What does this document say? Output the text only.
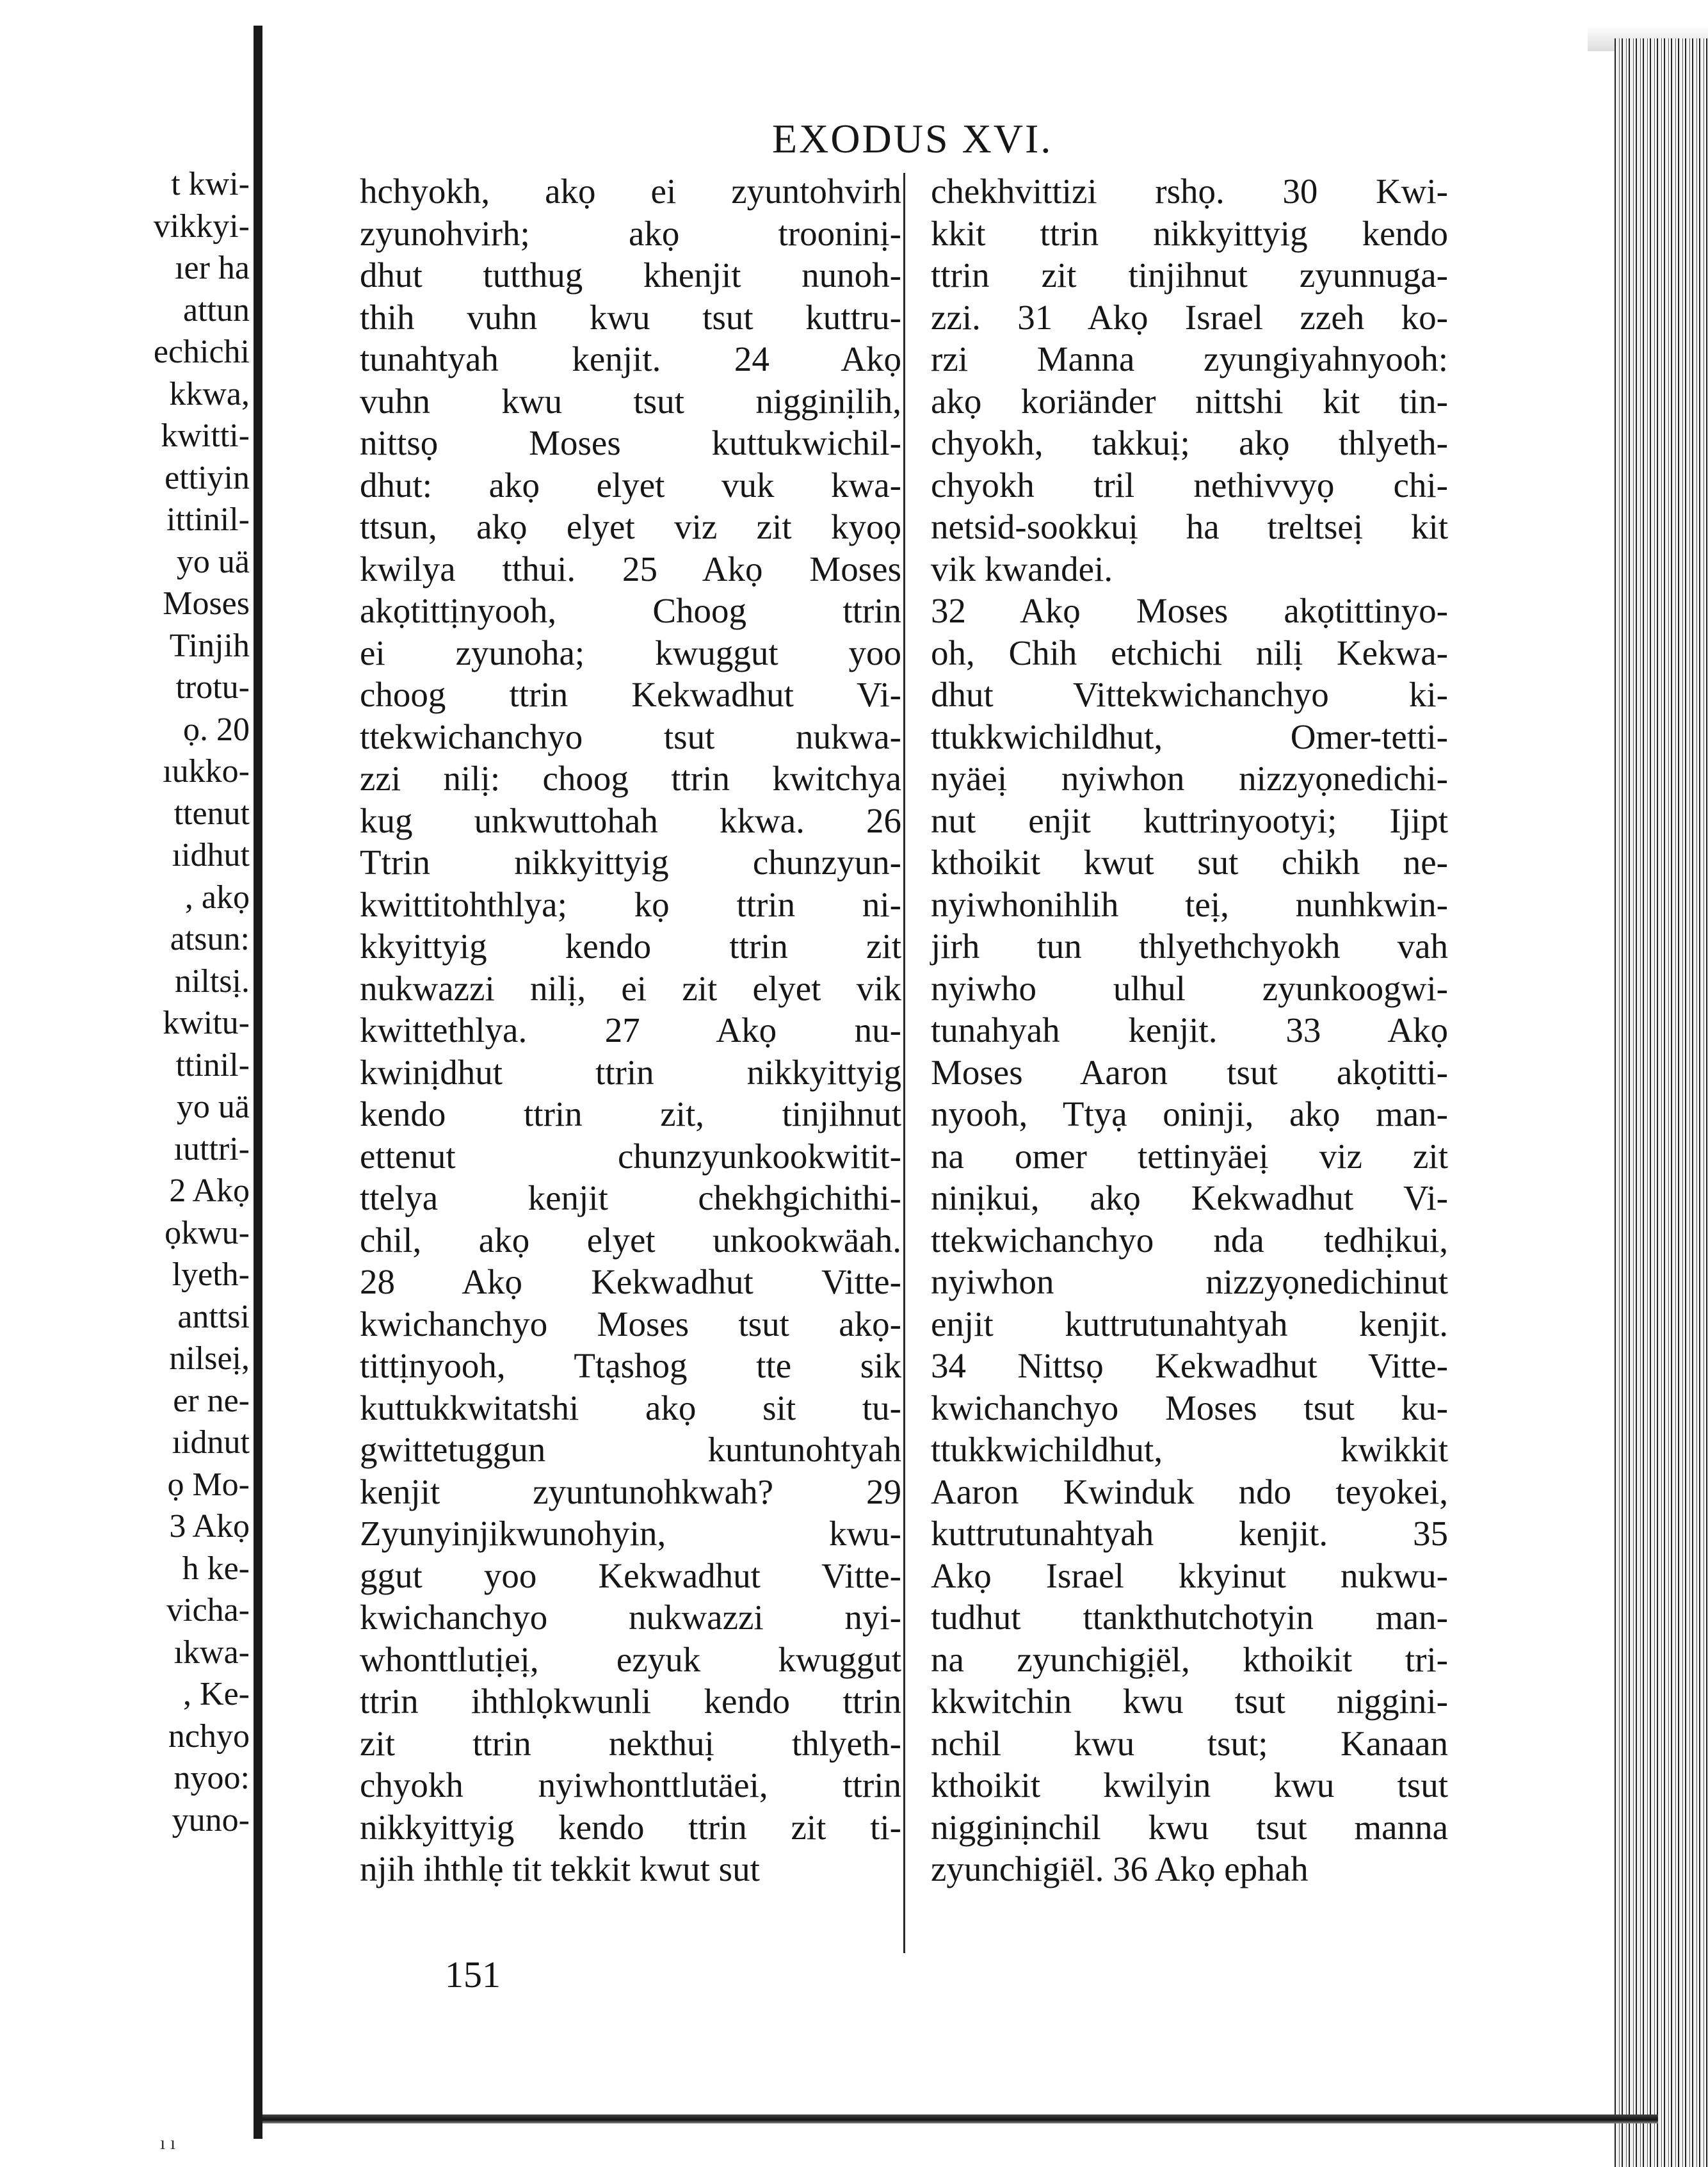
t kwi-
vikkyi-
ıer ha
attun
echichi
kkwa,
kwitti-
ettiyin
ittinil-
yo uä
Moses
Tinjih
trotu-
ọ. 20
ıukko-
ttenut
ıidhut
, akọ
atsun:
niltsị.
kwitu-
ttinil-
yo uä
ıuttri-
2 Akọ
ọkwu-
lyeth-
anttsi
nilseị,
er ne-
ıidnut
ọ Mo-
3 Akọ
h ke-
vicha-
ıkwa-
, Ke-
nchyo
nyoo:
yuno-
ı ı
EXODUS XVI.
hchyokh, akọ ei zyuntohvirh
zyunohvirh; akọ trooninị-
dhut tutthug khenjit nunoh-
thih vuhn kwu tsut kuttru-
tunahtyah kenjit. 24 Akọ
vuhn kwu tsut nigginịlih,
nittsọ Moses kuttukwichil-
dhut: akọ elyet vuk kwa-
ttsun, akọ elyet viz zit kyoọ
kwilya tthui. 25 Akọ Moses
akọtittịnyooh, Choog ttrin
ei zyunoha; kwuggut yoo
choog ttrin Kekwadhut Vi-
ttekwichanchyo tsut nukwa-
zzi nilị: choog ttrin kwitchya
kug unkwuttohah kkwa. 26
Ttrin nikkyittyig chunzyun-
kwittitohthlya; kọ ttrin ni-
kkyittyig kendo ttrin zit
nukwazzi nilị, ei zit elyet vik
kwittethlya. 27 Akọ nu-
kwinịdhut ttrin nikkyittyig
kendo ttrin zit, tinjihnut
ettenut chunzyunkookwitit-
ttelya kenjit chekhgichithi-
chil, akọ elyet unkookwäah.
28 Akọ Kekwadhut Vitte-
kwichanchyo Moses tsut akọ-
tittịnyooh, Ttạshog tte sik
kuttukkwitatshi akọ sit tu-
gwittetuggun kuntunohtyah
kenjit zyuntunohkwah? 29
Zyunyinjikwunohyin, kwu-
ggut yoo Kekwadhut Vitte-
kwichanchyo nukwazzi nyi-
whonttlutịeị, ezyuk kwuggut
ttrin ihthlọkwunli kendo ttrin
zit ttrin nekthuị thlyeth-
chyokh nyiwhonttlutäei, ttrin
nikkyittyig kendo ttrin zit ti-
njih ihthlẹ tit tekkit kwut sut
chekhvittizi rshọ. 30 Kwi-
kkit ttrin nikkyittyig kendo
ttrin zit tinjihnut zyunnuga-
zzi. 31 Akọ Israel zzeh ko-
rzi Manna zyungiyahnyooh:
akọ koriänder nittshi kit tin-
chyokh, takkuị; akọ thlyeth-
chyokh tril nethivvyọ chi-
netsid-sookkuị ha treltseị kit
vik kwandei.
32 Akọ Moses akọtittinyo-
oh, Chih etchichi nilị Kekwa-
dhut Vittekwichanchyo ki-
ttukkwichildhut, Omer-tetti-
nyäeị nyiwhon nizzyọnedichi-
nut enjit kuttrinyootyi; Ijipt
kthoikit kwut sut chikh ne-
nyiwhonihlih teị, nunhkwin-
jirh tun thlyethchyokh vah
nyiwho ulhul zyunkoogwi-
tunahyah kenjit. 33 Akọ
Moses Aaron tsut akọtitti-
nyooh, Ttyạ oninji, akọ man-
na omer tettinyäeị viz zit
ninịkui, akọ Kekwadhut Vi-
ttekwichanchyo nda tedhịkui,
nyiwhon nizzyọnedichinut
enjit kuttrutunahtyah kenjit.
34 Nittsọ Kekwadhut Vitte-
kwichanchyo Moses tsut ku-
ttukkwichildhut, kwikkit
Aaron Kwinduk ndo teyokei,
kuttrutunahtyah kenjit. 35
Akọ Israel kkyinut nukwu-
tudhut ttankthutchotyin man-
na zyunchigịël, kthoikit tri-
kkwitchin kwu tsut niggini-
nchil kwu tsut; Kanaan
kthoikit kwilyin kwu tsut
nigginịnchil kwu tsut manna
zyunchigiël. 36 Akọ ephah
151
